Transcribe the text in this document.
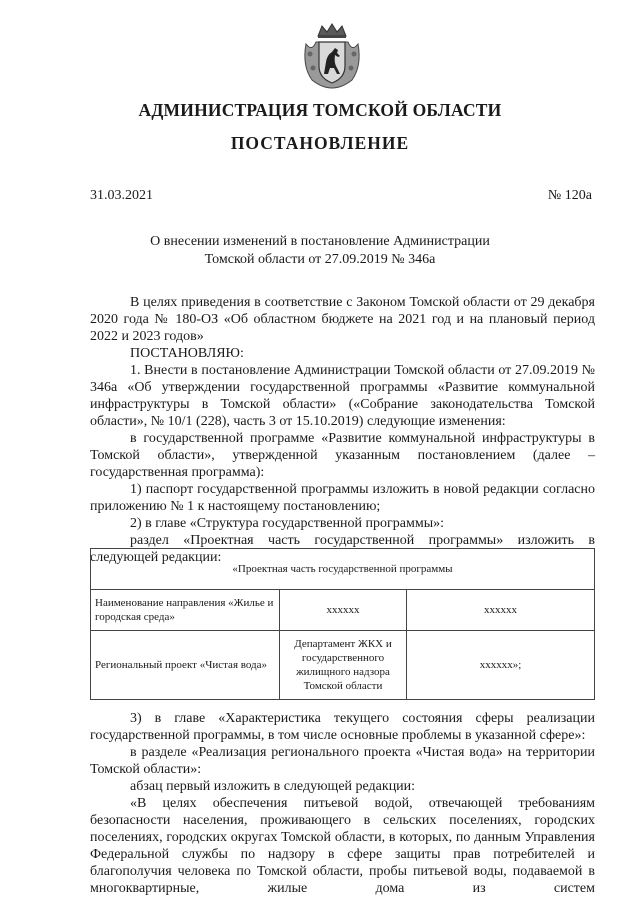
АДМИНИСТРАЦИЯ ТОМСКОЙ ОБЛАСТИ
ПОСТАНОВЛЕНИЕ
31.03.2021	№ 120а
О внесении изменений в постановление Администрации
Томской области от 27.09.2019 № 346а

В целях приведения в соответствие с Законом Томской области от 29 декабря 2020 года № 180-ОЗ «Об областном бюджете на 2021 год и на плановый период 2022 и 2023 годов»

ПОСТАНОВЛЯЮ:

1. Внести в постановление Администрации Томской области от 27.09.2019 № 346а «Об утверждении государственной программы «Развитие коммунальной инфраструктуры в Томской области» («Собрание законодательства Томской области», № 10/1 (228), часть 3 от 15.10.2019) следующие изменения:

в государственной программе «Развитие коммунальной инфраструктуры в Томской области», утвержденной указанным постановлением (далее – государственная программа):

1) паспорт государственной программы изложить в новой редакции согласно приложению № 1 к настоящему постановлению;

2) в главе «Структура государственной программы»:

раздел «Проектная часть государственной программы» изложить в следующей редакции:

«Проектная часть государственной программы		
Наименование направления «Жилье и городская среда»	хххххх	хххххх
Региональный проект «Чистая вода»	Департамент ЖКХ и государственного жилищного надзора Томской области	хххххх»;

3) в главе «Характеристика текущего состояния сферы реализации государственной программы, в том числе основные проблемы в указанной сфере»:

в разделе «Реализация регионального проекта «Чистая вода» на территории Томской области»:

абзац первый изложить в следующей редакции:

«В целях обеспечения питьевой водой, отвечающей требованиям безопасности населения, проживающего в сельских поселениях, городских поселениях, городских округах Томской области, в которых, по данным Управления Федеральной службы по надзору в сфере защиты прав потребителей и благополучия человека по Томской области, пробы питьевой воды, подаваемой в многоквартирные, жилые дома из систем
